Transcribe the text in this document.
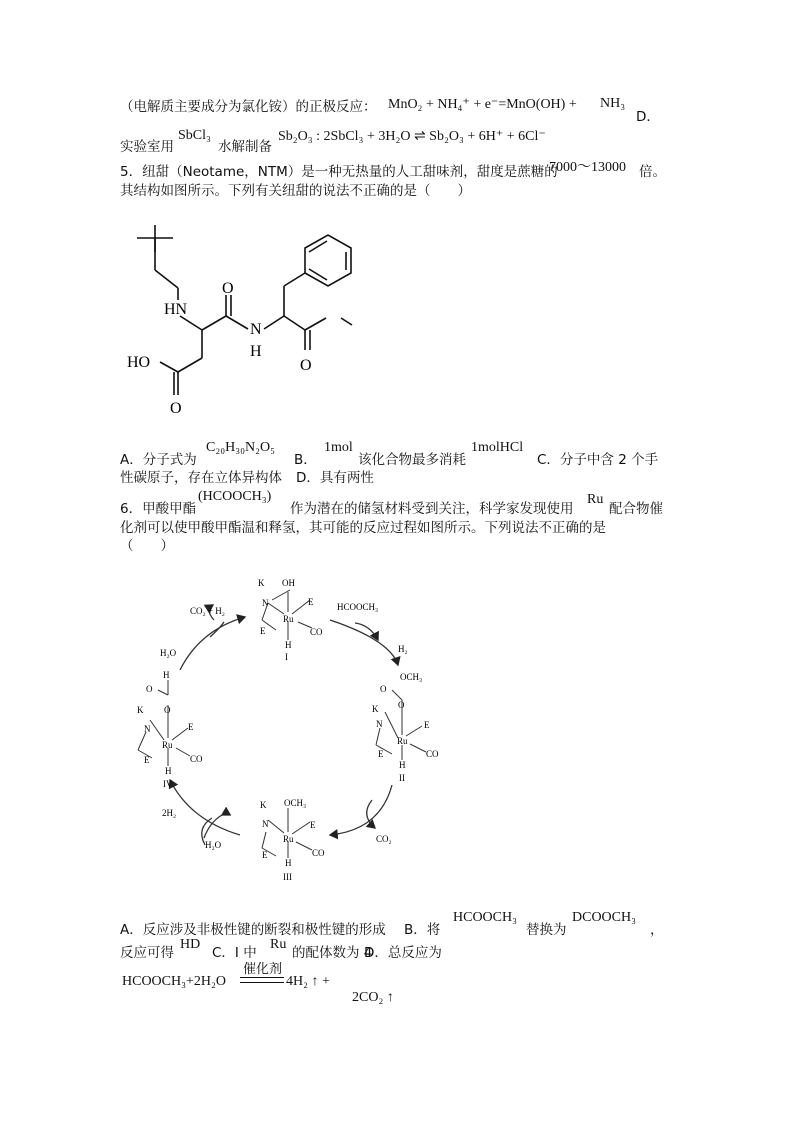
（电解质主要成分为氯化铵）的正极反应： MnO₂ + NH₄⁺ + e⁻=MnO(OH) + NH₃
D．
实验室用
SbCl₃
水解制备
Sb₂O₃ : 2SbCl₃ + 3H₂O ⇌ Sb₂O₃ + 6H⁺ + 6Cl⁻
5．纽甜（Neotame，NTM）是一种无热量的人工甜味剂，甜度是蔗糖的
7000～13000 倍。
其结构如图所示。下列有关纽甜的说法不正确的是（　　）
HN
N
H
O
O
HO
O
A．分子式为
C₂₀H₃₀N₂O₅
B．
1mol
该化合物最多消耗
1molHCl
C．分子中含 2 个手
性碳原子，存在立体异构体 D．具有两性
6．甲酸甲酯
(HCOOCH₃)
作为潜在的储氢材料受到关注，科学家发现使用
Ru
配合物催
化剂可以使甲酸甲酯温和释氢，其可能的反应过程如图所示。下列说法不正确的是
（　　）
K OH
N	E
Ru
E	CO
H
I
O
OCH₃
K O
N	E
Ru
E	CO
H
II
K OCH₃
N	E
Ru
E	CO
H
III
O
H
K O
N	E
Ru
E	CO
H
IV
CO₂ + H₂
H₂O
HCOOCH₃
H₂
CO₂
2H₂
H₂O
A．反应涉及非极性键的断裂和极性键的形成 B．将
HCOOCH₃
替换为
DCOOCH₃
，
反应可得
HD
C．I 中
Ru
的配体数为 4
D．总反应为
HCOOCH₃+2H₂O
催化剂
4H₂ ↑ +
2CO₂ ↑
